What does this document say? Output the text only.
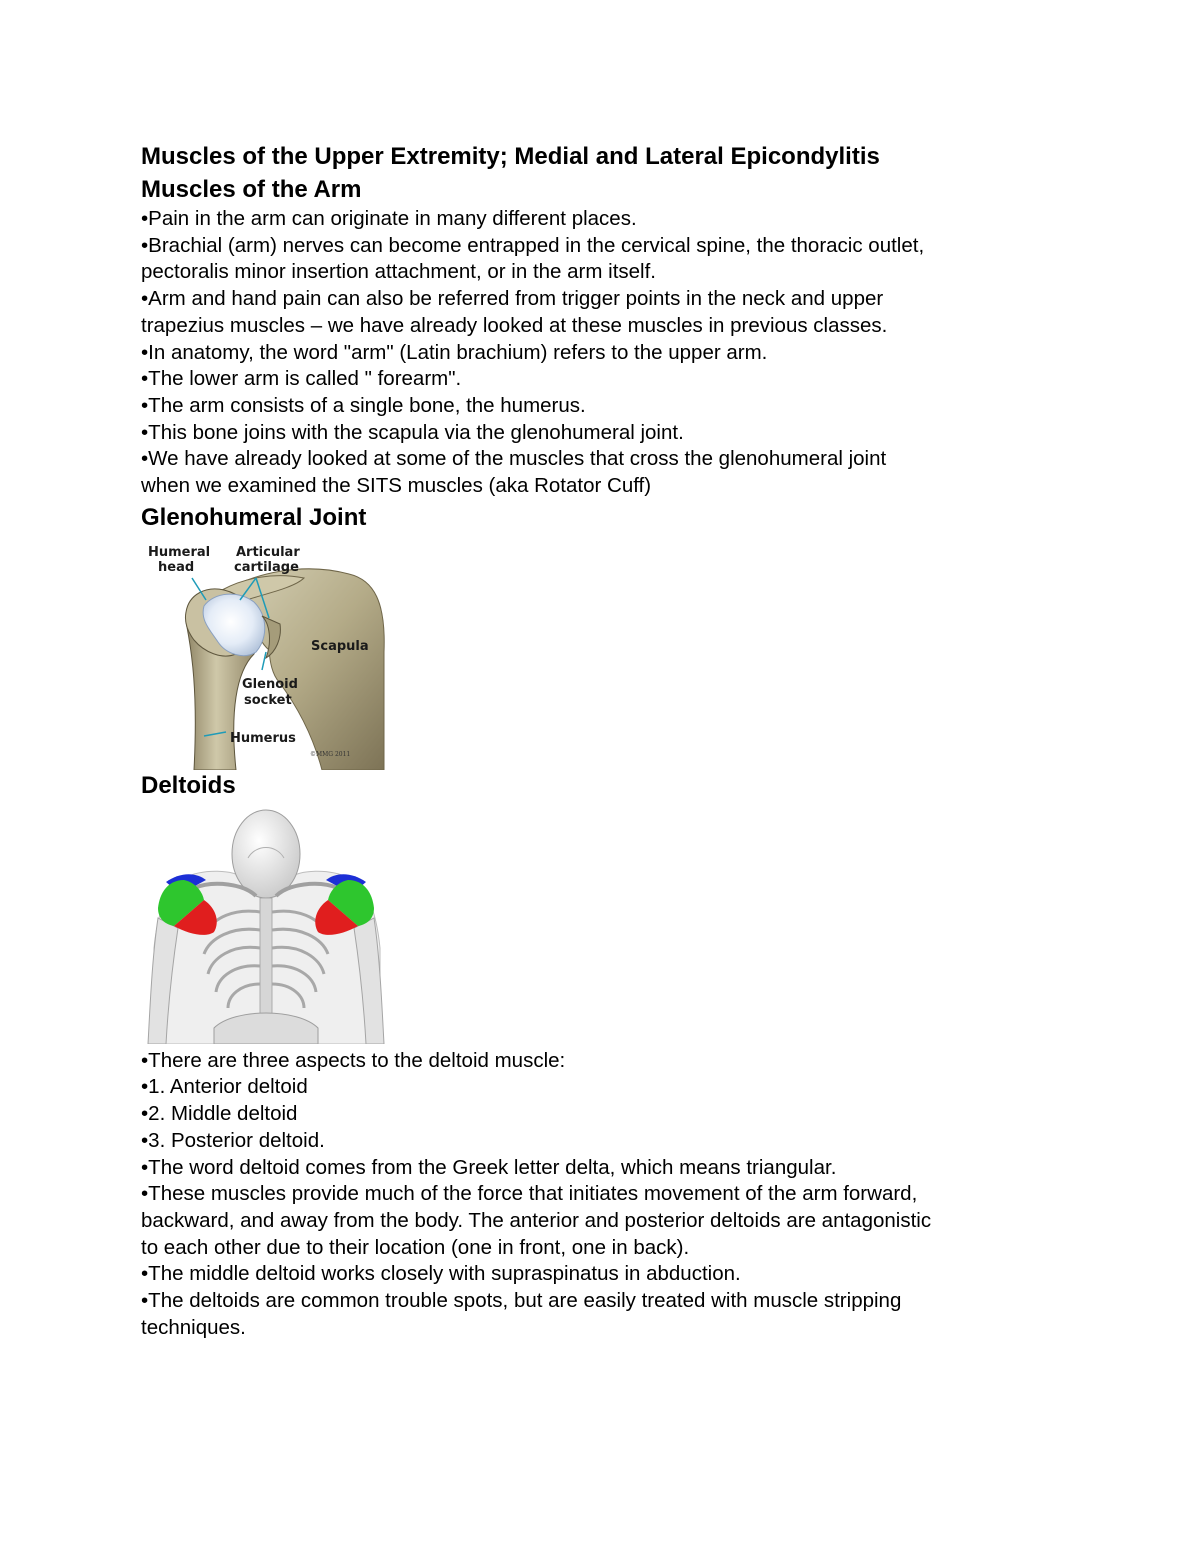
Muscles of the Upper Extremity; Medial and Lateral Epicondylitis

Muscles of the Arm

•Pain in the arm can originate in many different places.

•Brachial (arm) nerves can become entrapped in the cervical spine, the thoracic outlet,

pectoralis minor insertion attachment, or in the arm itself.

•Arm and hand pain can also be referred from trigger points in the neck and upper

trapezius muscles – we have already looked at these muscles in previous classes.

•In anatomy, the word "arm" (Latin brachium) refers to the upper arm.

•The lower arm is called " forearm".

•The arm consists of a single bone, the humerus.

•This bone joins with the scapula via the glenohumeral joint.

•We have already looked at some of the muscles that cross the glenohumeral joint

when we examined the SITS muscles (aka Rotator Cuff)

Glenohumeral Joint

Humeral
head
Articular
cartilage
Scapula
Glenoid
socket
Humerus
©MMG 2011

Deltoids

•There are three aspects to the deltoid muscle:

•1. Anterior deltoid

•2. Middle deltoid

•3. Posterior deltoid.

•The word deltoid comes from the Greek letter delta, which means triangular.

•These muscles provide much of the force that initiates movement of the arm forward,

backward, and away from the body. The anterior and posterior deltoids are antagonistic

to each other due to their location (one in front, one in back).

•The middle deltoid works closely with supraspinatus in abduction.

•The deltoids are common trouble spots, but are easily treated with muscle stripping

techniques.
